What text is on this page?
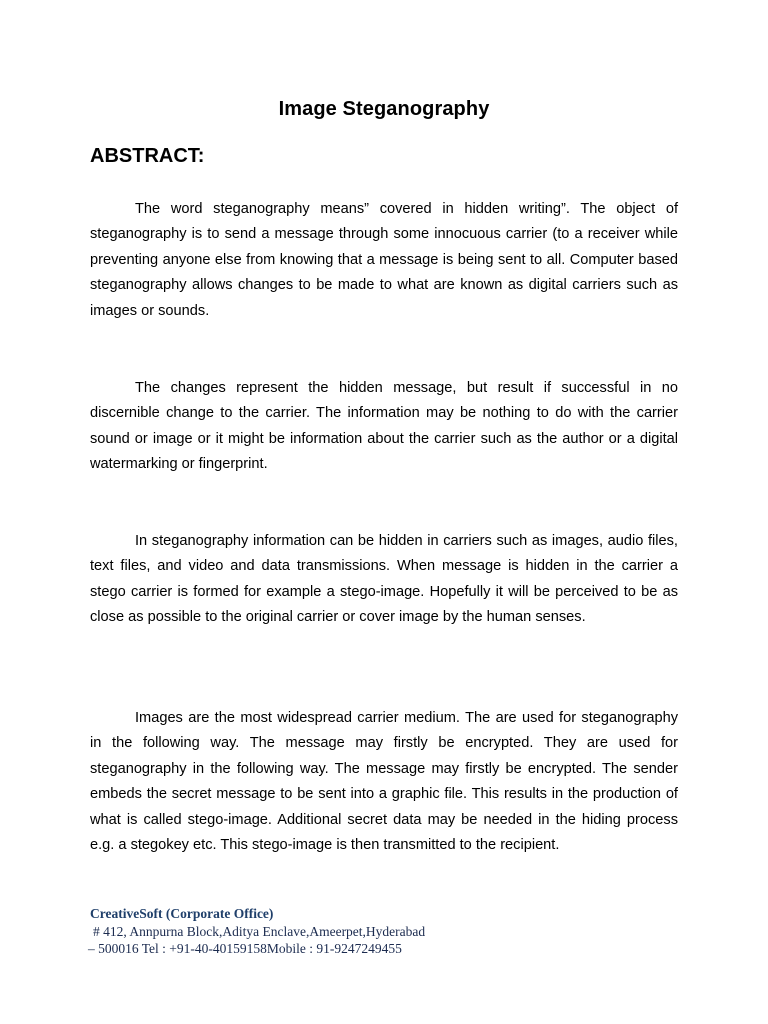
Image Steganography
ABSTRACT:

The word steganography means” covered in hidden writing”. The object of steganography is to send a message through some innocuous carrier (to a receiver while preventing anyone else from knowing that a message is being sent to all. Computer based steganography allows changes to be made to what are known as digital carriers such as images or sounds.

The changes represent the hidden message, but result if successful in no discernible change to the carrier. The information may be nothing to do with the carrier sound or image or it might be information about the carrier such as the author or a digital watermarking or fingerprint.

In steganography information can be hidden in carriers such as images, audio files, text files, and video and data transmissions. When message is hidden in the carrier a stego carrier is formed for example a stego-image. Hopefully it will be perceived to be as close as possible to the original carrier or cover image by the human senses.

Images are the most widespread carrier medium. The are used for steganography in the following way. The message may firstly be encrypted. They are used for steganography in the following way. The message may firstly be encrypted. The sender embeds the secret message to be sent into a graphic file. This results in the production of what is called stego-image. Additional secret data may be needed in the hiding process e.g. a stegokey etc. This stego-image is then transmitted to the recipient.

CreativeSoft (Corporate Office)
# 412, Annpurna Block,Aditya Enclave,Ameerpet,Hyderabad
– 500016 Tel : +91-40-40159158Mobile : 91-9247249455
